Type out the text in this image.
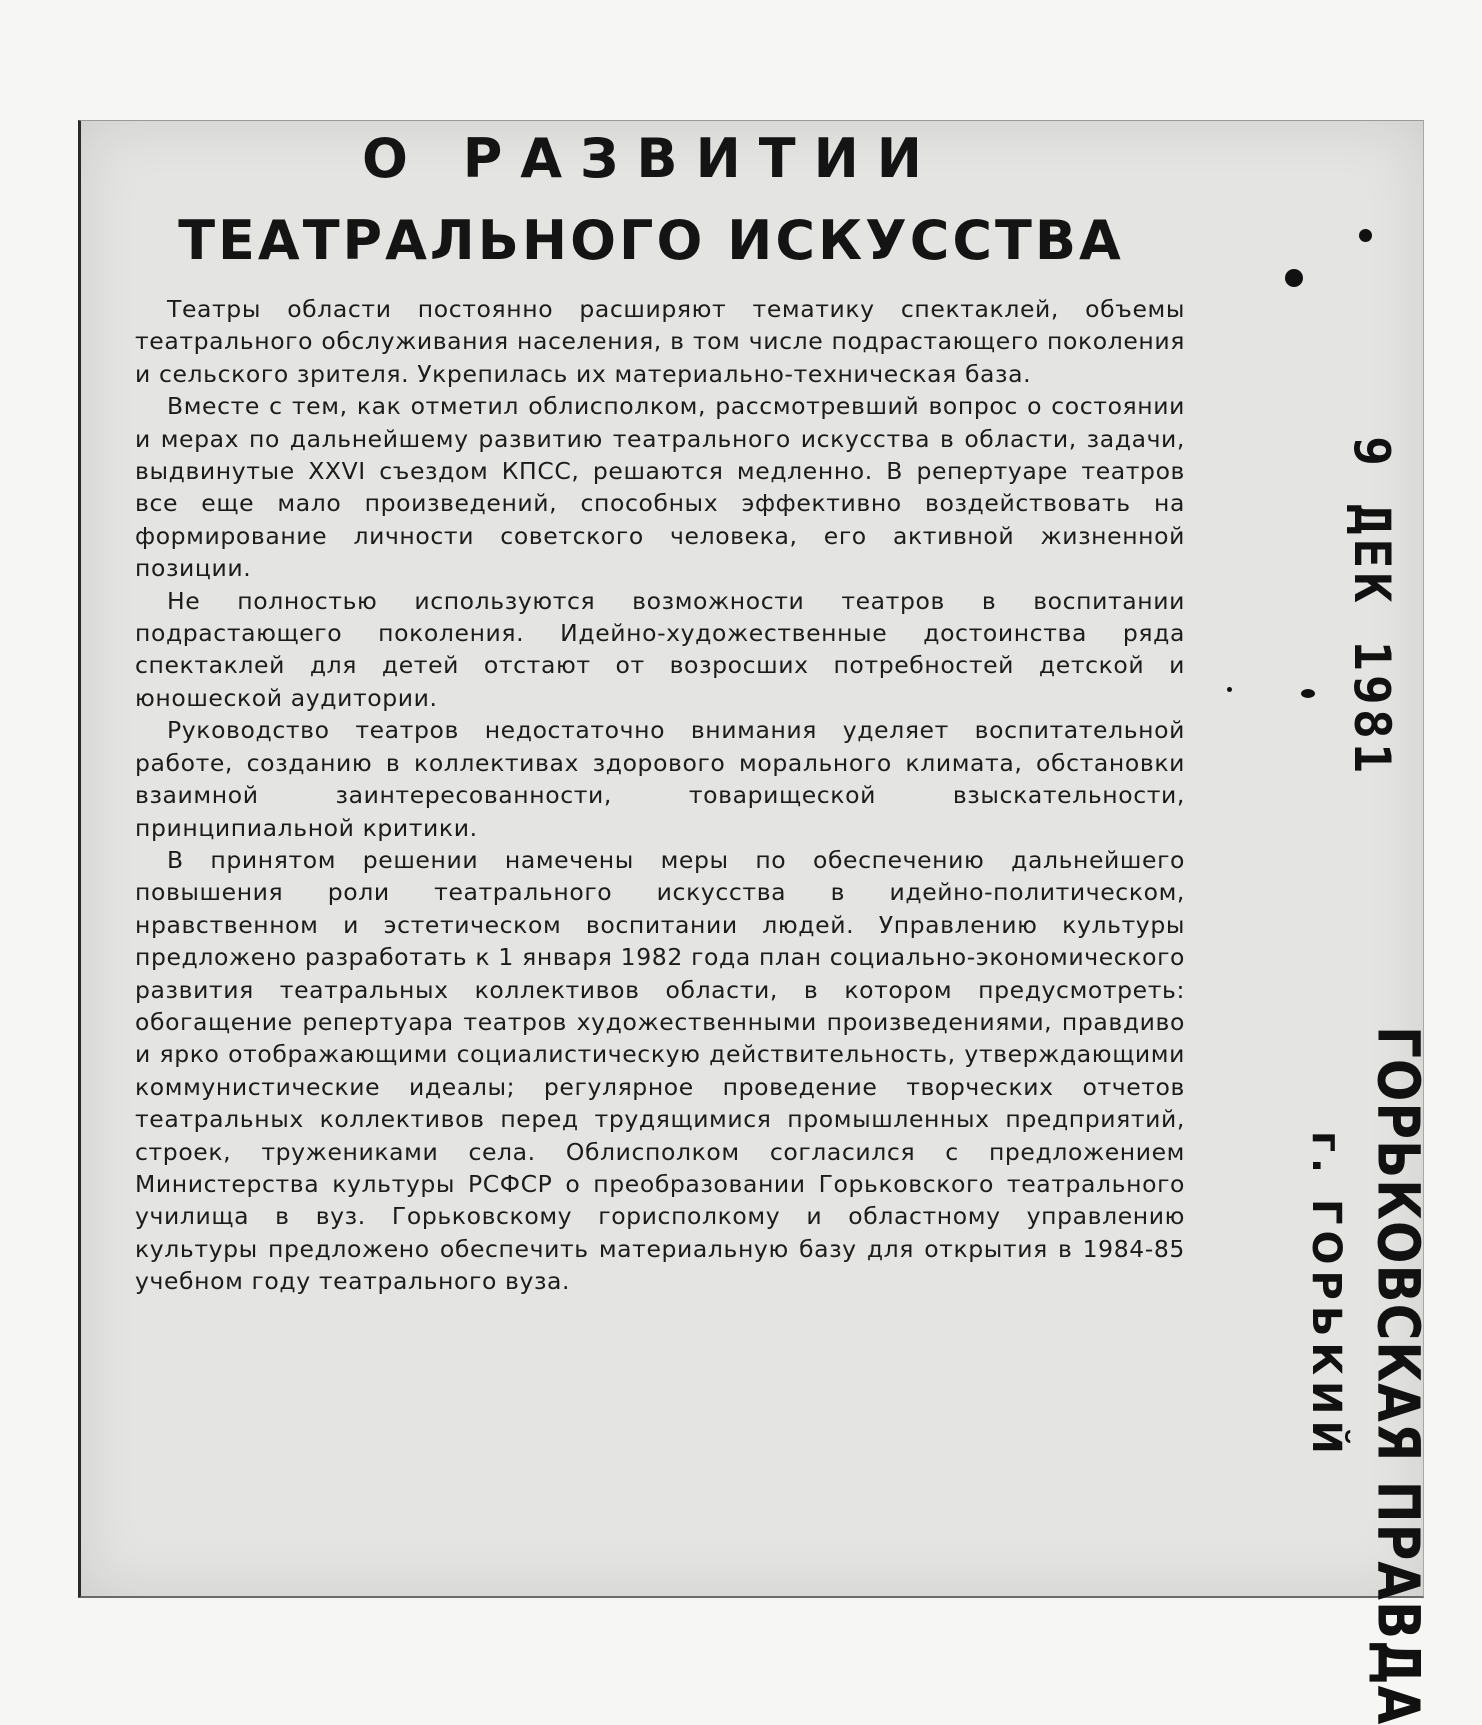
О РАЗВИТИИ
ТЕАТРАЛЬНОГО ИСКУССТВА

Театры области постоянно расширяют тематику спектаклей, объемы театрального обслуживания населения, в том числе подрастающего поколения и сельского зрителя. Укрепилась их материально-техническая база.

Вместе с тем, как отметил облисполком, рассмотревший вопрос о состоянии и мерах по дальнейшему развитию театрального искусства в области, задачи, выдвинутые XXVI съездом КПСС, решаются медленно. В репертуаре театров все еще мало произведений, способных эффективно воздействовать на формирование личности советского человека, его активной жизненной позиции.

Не полностью используются возможности театров в воспитании подрастающего поколения. Идейно-художественные достоинства ряда спектаклей для детей отстают от возросших потребностей детской и юношеской аудитории.

Руководство театров недостаточно внимания уделяет воспитательной работе, созданию в коллективах здорового морального климата, обстановки взаимной заинтересованности, товарищеской взыскательности, принципиальной критики.

В принятом решении намечены меры по обеспечению дальнейшего повышения роли театрального искусства в идейно-политическом, нравственном и эстетическом воспитании людей. Управлению культуры предложено разработать к 1 января 1982 года план социально-экономического развития театральных коллективов области, в котором предусмотреть: обогащение репертуара театров художественными произведениями, правдиво и ярко отображающими социалистическую действительность, утверждающими коммунистические идеалы; регулярное проведение творческих отчетов театральных коллективов перед трудящимися промышленных предприятий, строек, тружениками села. Облисполком согласился с предложением Министерства культуры РСФСР о преобразовании Горьковского театрального училища в вуз. Горьковскому горисполкому и областному управлению культуры предложено обеспечить материальную базу для открытия в 1984-85 учебном году театрального вуза.

9 ДЕК 1981
ГОРЬКОВСКАЯ ПРАВДА
г. ГОРЬКИЙ
